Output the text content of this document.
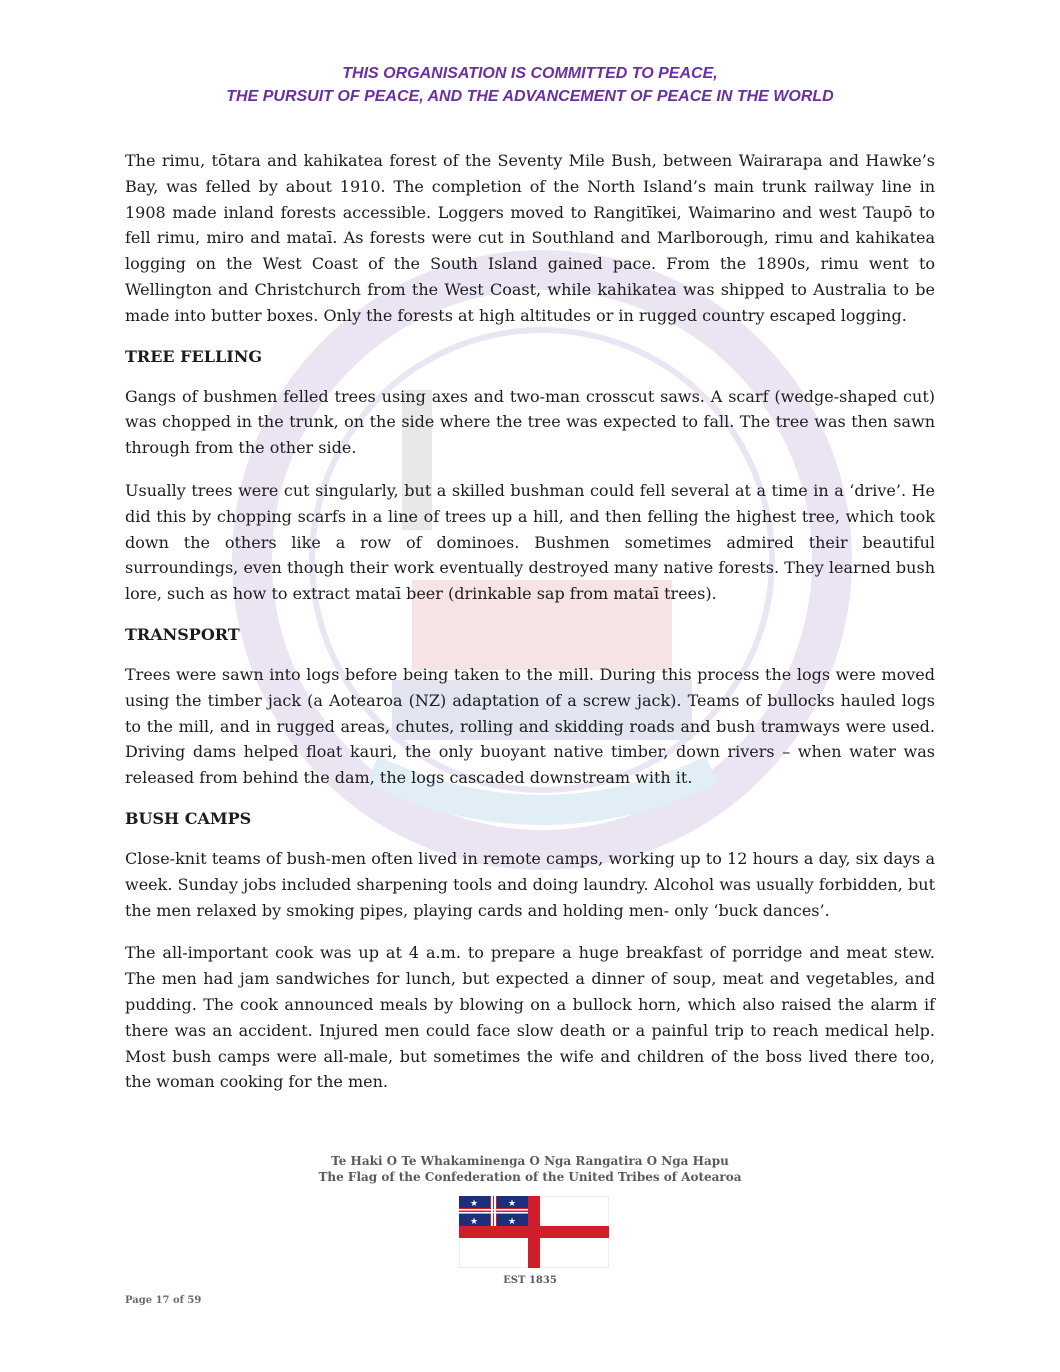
THIS ORGANISATION IS COMMITTED TO PEACE,
THE PURSUIT OF PEACE, AND THE ADVANCEMENT OF PEACE IN THE WORLD

The rimu, tōtara and kahikatea forest of the Seventy Mile Bush, between Wairarapa and Hawke’s Bay, was felled by about 1910. The completion of the North Island’s main trunk railway line in 1908 made inland forests accessible. Loggers moved to Rangitīkei, Waimarino and west Taupō to fell rimu, miro and mataī. As forests were cut in Southland and Marlborough, rimu and kahikatea logging on the West Coast of the South Island gained pace. From the 1890s, rimu went to Wellington and Christchurch from the West Coast, while kahikatea was shipped to Australia to be made into butter boxes. Only the forests at high altitudes or in rugged country escaped logging.

TREE FELLING

Gangs of bushmen felled trees using axes and two-man crosscut saws. A scarf (wedge-shaped cut) was chopped in the trunk, on the side where the tree was expected to fall. The tree was then sawn through from the other side.

Usually trees were cut singularly, but a skilled bushman could fell several at a time in a ‘drive’. He did this by chopping scarfs in a line of trees up a hill, and then felling the highest tree, which took down the others like a row of dominoes. Bushmen sometimes admired their beautiful surroundings, even though their work eventually destroyed many native forests. They learned bush lore, such as how to extract mataī beer (drinkable sap from mataī trees).

TRANSPORT

Trees were sawn into logs before being taken to the mill. During this process the logs were moved using the timber jack (a Aotearoa (NZ) adaptation of a screw jack). Teams of bullocks hauled logs to the mill, and in rugged areas, chutes, rolling and skidding roads and bush tramways were used. Driving dams helped float kauri, the only buoyant native timber, down rivers – when water was released from behind the dam, the logs cascaded downstream with it.

BUSH CAMPS

Close-knit teams of bush-men often lived in remote camps, working up to 12 hours a day, six days a week. Sunday jobs included sharpening tools and doing laundry. Alcohol was usually forbidden, but the men relaxed by smoking pipes, playing cards and holding men- only ‘buck dances’.

The all-important cook was up at 4 a.m. to prepare a huge breakfast of porridge and meat stew. The men had jam sandwiches for lunch, but expected a dinner of soup, meat and vegetables, and pudding. The cook announced meals by blowing on a bullock horn, which also raised the alarm if there was an accident. Injured men could face slow death or a painful trip to reach medical help. Most bush camps were all-male, but sometimes the wife and children of the boss lived there too, the woman cooking for the men.

Te Haki O Te Whakaminenga O Nga Rangatira O Nga Hapu
The Flag of the Confederation of the United Tribes of Aotearoa
★	★
★	★
EST 1835
Page 17 of 59
